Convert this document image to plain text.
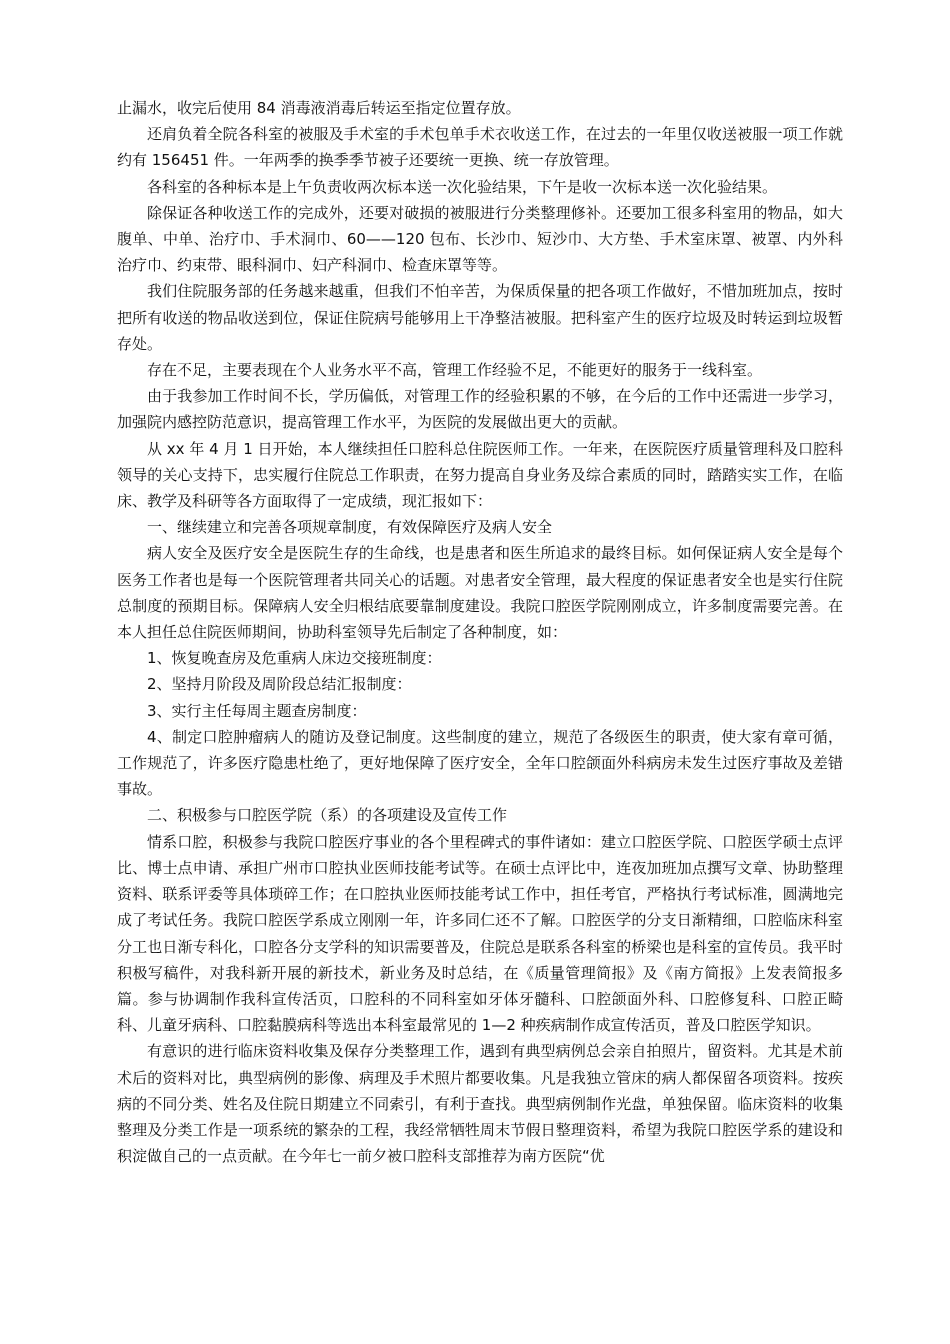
止漏水，收完后使用 84 消毒液消毒后转运至指定位置存放。

还肩负着全院各科室的被服及手术室的手术包单手术衣收送工作，在过去的一年里仅收送被服一项工作就约有 156451 件。一年两季的换季季节被子还要统一更换、统一存放管理。

各科室的各种标本是上午负责收两次标本送一次化验结果，下午是收一次标本送一次化验结果。

除保证各种收送工作的完成外，还要对破损的被服进行分类整理修补。还要加工很多科室用的物品，如大腹单、中单、治疗巾、手术洞巾、60——120 包布、长沙巾、短沙巾、大方垫、手术室床罩、被罩、内外科治疗巾、约束带、眼科洞巾、妇产科洞巾、检查床罩等等。

我们住院服务部的任务越来越重，但我们不怕辛苦，为保质保量的把各项工作做好，不惜加班加点，按时把所有收送的物品收送到位，保证住院病号能够用上干净整洁被服。把科室产生的医疗垃圾及时转运到垃圾暂存处。

存在不足，主要表现在个人业务水平不高，管理工作经验不足，不能更好的服务于一线科室。

由于我参加工作时间不长，学历偏低，对管理工作的经验积累的不够，在今后的工作中还需进一步学习，加强院内感控防范意识，提高管理工作水平，为医院的发展做出更大的贡献。

从 xx 年 4 月 1 日开始，本人继续担任口腔科总住院医师工作。一年来，在医院医疗质量管理科及口腔科领导的关心支持下，忠实履行住院总工作职责，在努力提高自身业务及综合素质的同时，踏踏实实工作，在临床、教学及科研等各方面取得了一定成绩，现汇报如下：

一、继续建立和完善各项规章制度，有效保障医疗及病人安全

病人安全及医疗安全是医院生存的生命线，也是患者和医生所追求的最终目标。如何保证病人安全是每个医务工作者也是每一个医院管理者共同关心的话题。对患者安全管理，最大程度的保证患者安全也是实行住院总制度的预期目标。保障病人安全归根结底要靠制度建设。我院口腔医学院刚刚成立，许多制度需要完善。在本人担任总住院医师期间，协助科室领导先后制定了各种制度，如：

1、恢复晚查房及危重病人床边交接班制度：

2、坚持月阶段及周阶段总结汇报制度：

3、实行主任每周主题查房制度：

4、制定口腔肿瘤病人的随访及登记制度。这些制度的建立，规范了各级医生的职责，使大家有章可循，工作规范了，许多医疗隐患杜绝了，更好地保障了医疗安全，全年口腔颌面外科病房未发生过医疗事故及差错事故。

二、积极参与口腔医学院（系）的各项建设及宣传工作

情系口腔，积极参与我院口腔医疗事业的各个里程碑式的事件诸如：建立口腔医学院、口腔医学硕士点评比、博士点申请、承担广州市口腔执业医师技能考试等。在硕士点评比中，连夜加班加点撰写文章、协助整理资料、联系评委等具体琐碎工作；在口腔执业医师技能考试工作中，担任考官，严格执行考试标准，圆满地完成了考试任务。我院口腔医学系成立刚刚一年，许多同仁还不了解。口腔医学的分支日渐精细，口腔临床科室分工也日渐专科化，口腔各分支学科的知识需要普及，住院总是联系各科室的桥梁也是科室的宣传员。我平时积极写稿件，对我科新开展的新技术，新业务及时总结，在《质量管理简报》及《南方简报》上发表简报多篇。参与协调制作我科宣传活页，口腔科的不同科室如牙体牙髓科、口腔颌面外科、口腔修复科、口腔正畸科、儿童牙病科、口腔黏膜病科等选出本科室最常见的 1—2 种疾病制作成宣传活页，普及口腔医学知识。

有意识的进行临床资料收集及保存分类整理工作，遇到有典型病例总会亲自拍照片，留资料。尤其是术前术后的资料对比，典型病例的影像、病理及手术照片都要收集。凡是我独立管床的病人都保留各项资料。按疾病的不同分类、姓名及住院日期建立不同索引，有利于查找。典型病例制作光盘，单独保留。临床资料的收集整理及分类工作是一项系统的繁杂的工程，我经常牺牲周末节假日整理资料，希望为我院口腔医学系的建设和积淀做自己的一点贡献。在今年七一前夕被口腔科支部推荐为南方医院“优
